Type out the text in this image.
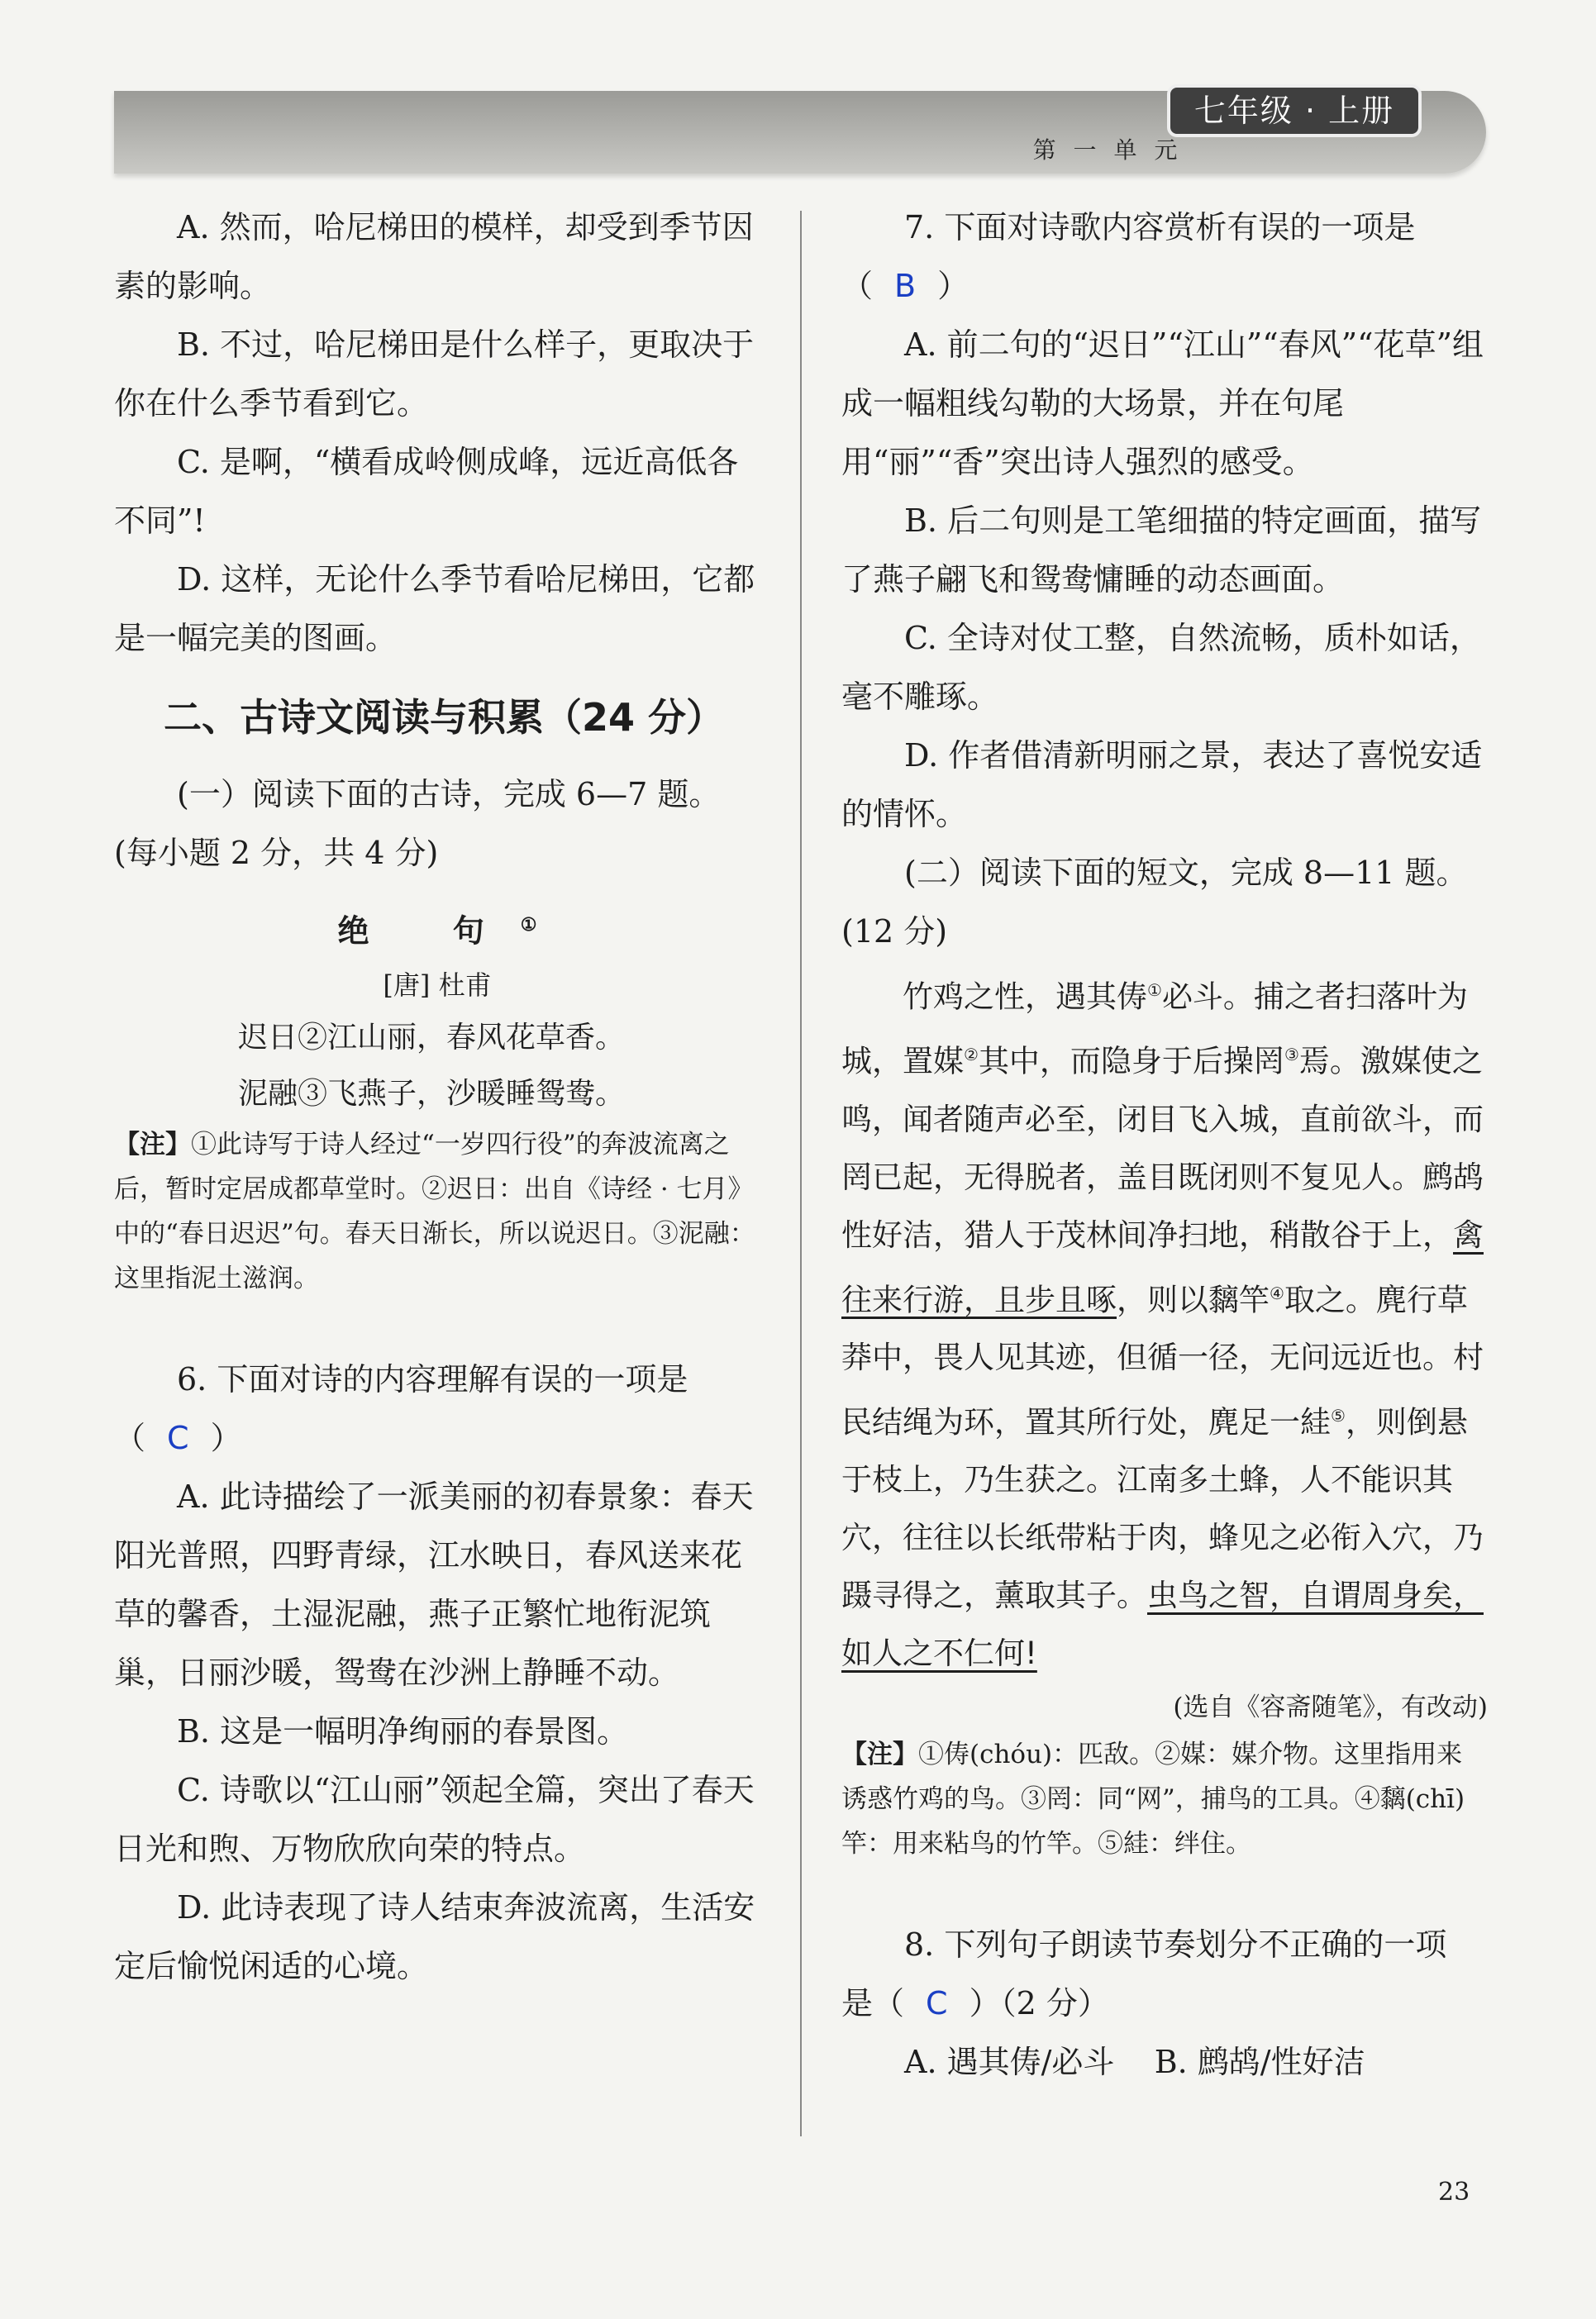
七年级 · 上册
第 一 单 元

A. 然而，哈尼梯田的模样，却受到季节因素的影响。

B. 不过，哈尼梯田是什么样子，更取决于你在什么季节看到它。

C. 是啊，“横看成岭侧成峰，远近高低各不同”!

D. 这样，无论什么季节看哈尼梯田，它都是一幅完美的图画。

二、古诗文阅读与积累（24 分）

(一）阅读下面的古诗，完成 6—7 题。(每小题 2 分，共 4 分)

绝 句①

[唐] 杜甫

迟日②江山丽，春风花草香。

泥融③飞燕子，沙暖睡鸳鸯。

【注】①此诗写于诗人经过“一岁四行役”的奔波流离之后，暂时定居成都草堂时。②迟日：出自《诗经 · 七月》中的“春日迟迟”句。春天日渐长，所以说迟日。③泥融：这里指泥土滋润。

6. 下面对诗的内容理解有误的一项是

（ C ）

A. 此诗描绘了一派美丽的初春景象：春天阳光普照，四野青绿，江水映日，春风送来花草的馨香，土湿泥融，燕子正繁忙地衔泥筑巢，日丽沙暖，鸳鸯在沙洲上静睡不动。

B. 这是一幅明净绚丽的春景图。

C. 诗歌以“江山丽”领起全篇，突出了春天日光和煦、万物欣欣向荣的特点。

D. 此诗表现了诗人结束奔波流离，生活安定后愉悦闲适的心境。

7. 下面对诗歌内容赏析有误的一项是

（ B ）

A. 前二句的“迟日”“江山”“春风”“花草”组成一幅粗线勾勒的大场景，并在句尾用“丽”“香”突出诗人强烈的感受。

B. 后二句则是工笔细描的特定画面，描写了燕子翩飞和鸳鸯慵睡的动态画面。

C. 全诗对仗工整，自然流畅，质朴如话，毫不雕琢。

D. 作者借清新明丽之景，表达了喜悦安适的情怀。

(二）阅读下面的短文，完成 8—11 题。(12 分)

竹鸡之性，遇其俦①必斗。捕之者扫落叶为城，置媒②其中，而隐身于后操罔③焉。激媒使之鸣，闻者随声必至，闭目飞入城，直前欲斗，而罔已起，无得脱者，盖目既闭则不复见人。鹧鸪性好洁，猎人于茂林间净扫地，稍散谷于上，禽往来行游，且步且啄，则以黐竿④取之。麂行草莽中，畏人见其迹，但循一径，无问远近也。村民结绳为环，置其所行处，麂足一絓⑤，则倒悬于枝上，乃生获之。江南多土蜂，人不能识其穴，往往以长纸带粘于肉，蜂见之必衔入穴，乃蹑寻得之，薰取其子。虫鸟之智，自谓周身矣，如人之不仁何!

(选自《容斋随笔》，有改动)

【注】①俦(chóu)：匹敌。②媒：媒介物。这里指用来诱惑竹鸡的鸟。③罔：同“网”，捕鸟的工具。④黐(chī)竿：用来粘鸟的竹竿。⑤絓：绊住。

8. 下列句子朗读节奏划分不正确的一项

是（ C ）（2 分）

A. 遇其俦/必斗    B. 鹧鸪/性好洁

23
